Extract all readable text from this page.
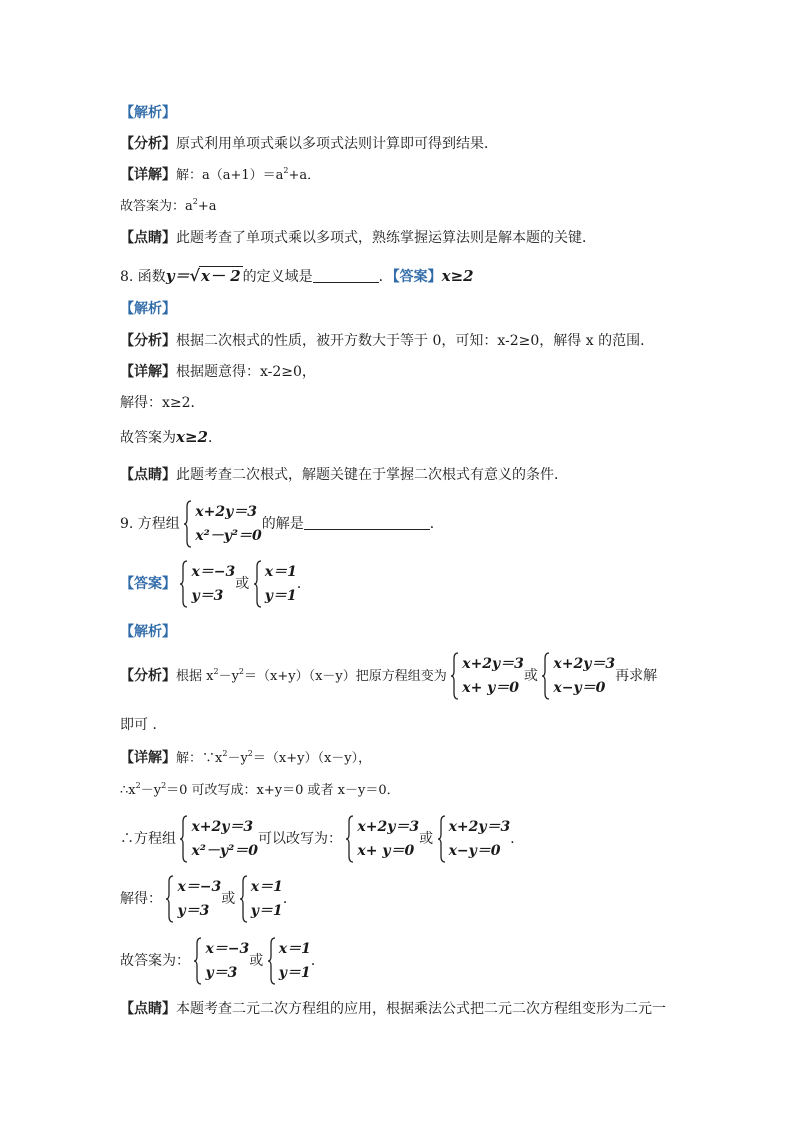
【解析】
【分析】原式利用单项式乘以多项式法则计算即可得到结果．
【详解】解：$a(a+1)=a^2+a$．
故答案为：$a^2+a$
【点睛】此题考查了单项式乘以多项式，熟练掌握运算法则是解本题的关键．
8. 函数y＝√x－ 2 的定义域是	．【答案】x≥2
【解析】
【分析】根据二次根式的性质，被开方数大于等于 0，可知：x-2≥0，解得 x 的范围．
【详解】根据题意得：x-2≥0，
解得：x≥2．
故答案为x≥2．
【点睛】此题考查二次根式，解题关键在于掌握二次根式有意义的条件．
9. 方程组
x+2y＝3
x²－y²＝0
的解是	．
【答案】
x＝−3
y＝3
或
x＝1
y＝1
．
【解析】
【分析】根据 $x^2-y^2=(x+y)(x-y)$把原方程组变为
x+2y＝3
x+ y＝0
或
x+2y＝3
x−y＝0
再求解
即可 ．
【详解】解：$\because x^2-y^2=(x+y)(x-y)$，
$\therefore x^2-y^2=0$ 可改写成：x+y＝0 或者 x－y＝0．
∴方程组
x+2y＝3
x²－y²＝0
可以改写为：
x+2y＝3
x+ y＝0
或
x+2y＝3
x−y＝0
．
解得：
x＝−3
y＝3
或
x＝1
y＝1
．
故答案为：
x＝−3
y＝3
或
x＝1
y＝1
．
【点睛】本题考查二元二次方程组的应用，根据乘法公式把二元二次方程组变形为二元一
